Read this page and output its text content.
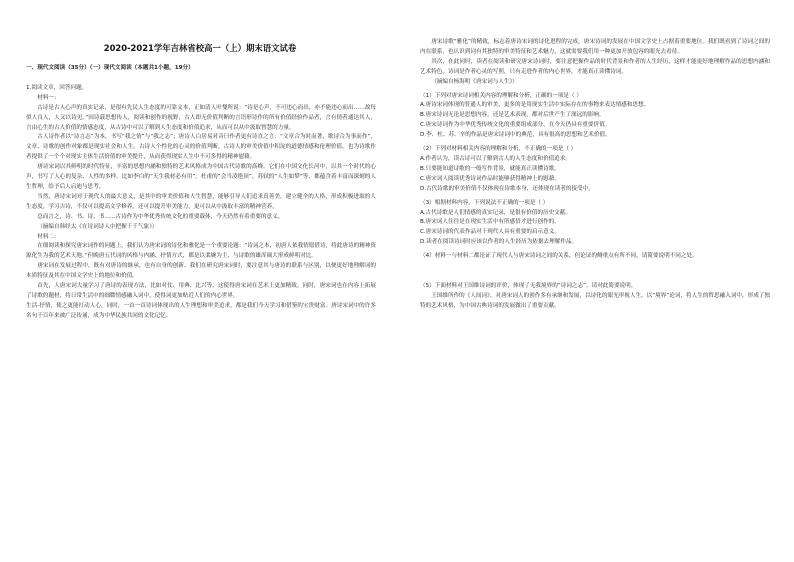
2020-2021学年吉林省校高一（上）期末语文试卷
一、现代文阅读（35分）（一）现代文阅读（本题共1小题，19分）

1.阅读文章，回答问题。

材料一：

古诗是古人心声的真实记录，是很有先民人生态度的可靠文本，正如清人叶燮所说：“诗是心声，不可违心而出，亦不能违心而出……故每似人良人，人又以诗见。”因诗载思想传人，阅读和创作的视野，古人即无价值判断的言语形诗作的所有价值经验作品者，言有情者通达其人，言由心生的古人价值的情感态度，从古诗中可以了解到人生态度和价值追求，从而可以从中汲取智慧的力量。

古人诗作者以“诗言志”为本，书写“我之情”与“我之志”；唐诗人白居易对音曰作者更有诗直之言：“文章合为时而著，歌诗合为事而作”，文章、诗歌的创作对象都是现实社会和人生。古诗人个性化的心灵的价值判断，古诗人的审美价值中积淀的道德情感和伦理价值，也为诗歌作者提供了一个个对现实主体生活价值的审美提升，从而获得现实人生中不可多得的精神慰藉。

唐诗宋词以其鲜明的时代特征，丰富的思想内涵和独特的艺术风格成为中国古代诗歌的高峰。它们在中国文化长河中，以其一个时代的心声，书写了人心的复杂、人性的多样。比如李白的“天生我材必有用”，杜甫的“会当凌绝顶”，苏轼的“人生如梦”等，都蕴含着丰富而深刻的人生哲理，给予后人启迪与思考。

当然，唐诗宋词对于现代人的最大意义，是其中的审美价值和人生智慧，能够引导人们追求真善美，建立健全的人格，形成积极进取的人生态度。学习古诗，不仅可以提高文学修养，还可以提升审美能力，更可以从中汲取丰富的精神营养。

总而言之，诗、书、诗、书……古诗作为中华优秀传统文化的重要载体，今天仍然有着重要的意义。

（摘编自韩经太《在诗词诗人中把握千千气象》）

材料二：

在细阅读和探究唐宋词作的问题上，我们认为唐宋词的诗化和雅化是一个重要论题：“诗词之本，初唐人依我情愿借诗，将此唐诗的精神资源化生为我的艺术天地。”但晚唐五代词的风格与内涵、抒情方式，都是以柔婉为主，与诗歌的雄浑阔大形成鲜明对比。

唐宋词在发展过程中，既有对唐诗的继承，也有自身的创新。我们在研究唐宋词时，要注意其与唐诗的联系与区别，以便更好地理解词的本质特征及其在中国文学史上的地位和价值。

首先，人唐宋词大量学习了唐诗的表现方法，比如对仗、用典、比兴等，这使得唐宋词在艺术上更加精致。同时，唐宋词也在内容上拓展了诗歌的题材，将日常生活中的细微情感融入词中，使得词更加贴近人们的内心世界。

生活-抒情，使之更能打动人心。同时，一首一首诗词体现出的人生理想和审美追求，都是我们今天学习和借鉴的宝贵财富。唐诗宋词中的许多名句千百年来被广泛传诵，成为中华民族共同的文化记忆。

唐宋诗歌“雅化”的精致，标志着唐诗宋词的诗化进程的完成，唐宋诗词的发展在中国文学史上占据着重要地位。我们既看到了诗词之间的内在联系，也认识到词有其独特的审美特征和艺术魅力，这就需要我们用一种更加开放包容的眼光去看待。

其次，在此同时，读者在阅读和研究唐宋诗词时，要注意把握作品的时代背景和作者的人生经历，这样才能更好地理解作品的思想内涵和艺术特色。诗词是作者心灵的写照，只有走进作者的内心世界，才能真正读懂诗词。

（摘编自杨海明《唐宋词与人生》）

（1）下列对唐宋诗词相关内容的理解和分析，正确的一项是（ ）

A.唐诗宋词体现的普通人的审美，更多的是用现实生活中实际存在的事物来表达情感和思想。

B.唐宋诗词无论是思想内容，还是艺术表现，都对后世产生了深远的影响。

C.唐宋诗词作为中华优秀传统文化的重要组成部分，在今天仍具有重要价值。

D.李、杜、苏、辛的作品是唐宋诗词中的典范，具有很高的思想和艺术价值。

（2）下列对材料相关内容的理解和分析，不正确的一项是（ ）

A.作者认为，读古诗可以了解到古人的人生态度和价值追求。

B.只要能知道诗歌的一般写作背景，就能真正读懂诗歌。

C.唐宋词人阅读优秀诗词作品时能够获得精神上的慰藉。

D.古代诗歌的审美价值不仅体现在诗歌本身，还体现在读者的接受中。

（3）根据材料内容，下列说法不正确的一项是（ ）

A.古代诗歌是人们情感的真实记录，是很有价值的历史文献。

B.唐宋词人往往是在现实生活中有所感悟才进行创作的。

C.唐宋诗词的代表作品对于现代人具有重要的启示意义。

D.读者在阅读诗词时应该以作者的人生经历为依据去理解作品。

（4）材料一与材料二都论证了现代人与唐宋诗词之间的关系，但论证的侧重点有所不同，请简要说明不同之处。

（5）下面材料对王国维诗词的评价，体现了无我境界的“诗词之志”。请对此简要说明。

王国维所作的《人间词》，对唐宋词人的创作多有承继和发展，以诗化的眼光审视人生，以“境界”论词，将人生的哲思融入词中，形成了独特的艺术风格，为中国古典诗词的发展做出了重要贡献。
